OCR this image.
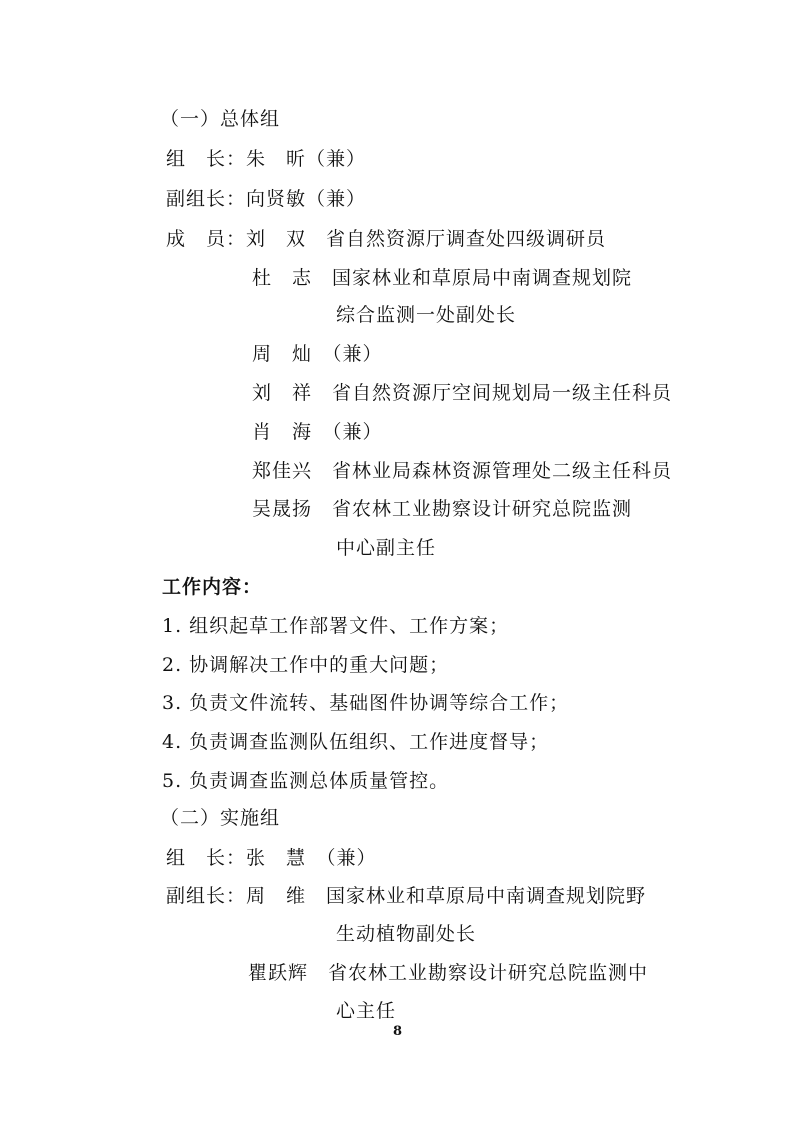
（一）总体组
组　长：朱　昕（兼）
副组长：向贤敏（兼）
成　员：刘　双　省自然资源厅调查处四级调研员
杜　志　国家林业和草原局中南调查规划院
综合监测一处副处长
周　灿　（兼）
刘　祥　省自然资源厅空间规划局一级主任科员
肖　海　（兼）
郑佳兴　省林业局森林资源管理处二级主任科员
吴晟扬　省农林工业勘察设计研究总院监测
中心副主任
工作内容：
1. 组织起草工作部署文件、工作方案；
2. 协调解决工作中的重大问题；
3. 负责文件流转、基础图件协调等综合工作；
4. 负责调查监测队伍组织、工作进度督导；
5. 负责调查监测总体质量管控。
（二）实施组
组　长：张　慧　（兼）
副组长：周　维　国家林业和草原局中南调查规划院野
生动植物副处长
瞿跃辉　省农林工业勘察设计研究总院监测中
心主任
8
